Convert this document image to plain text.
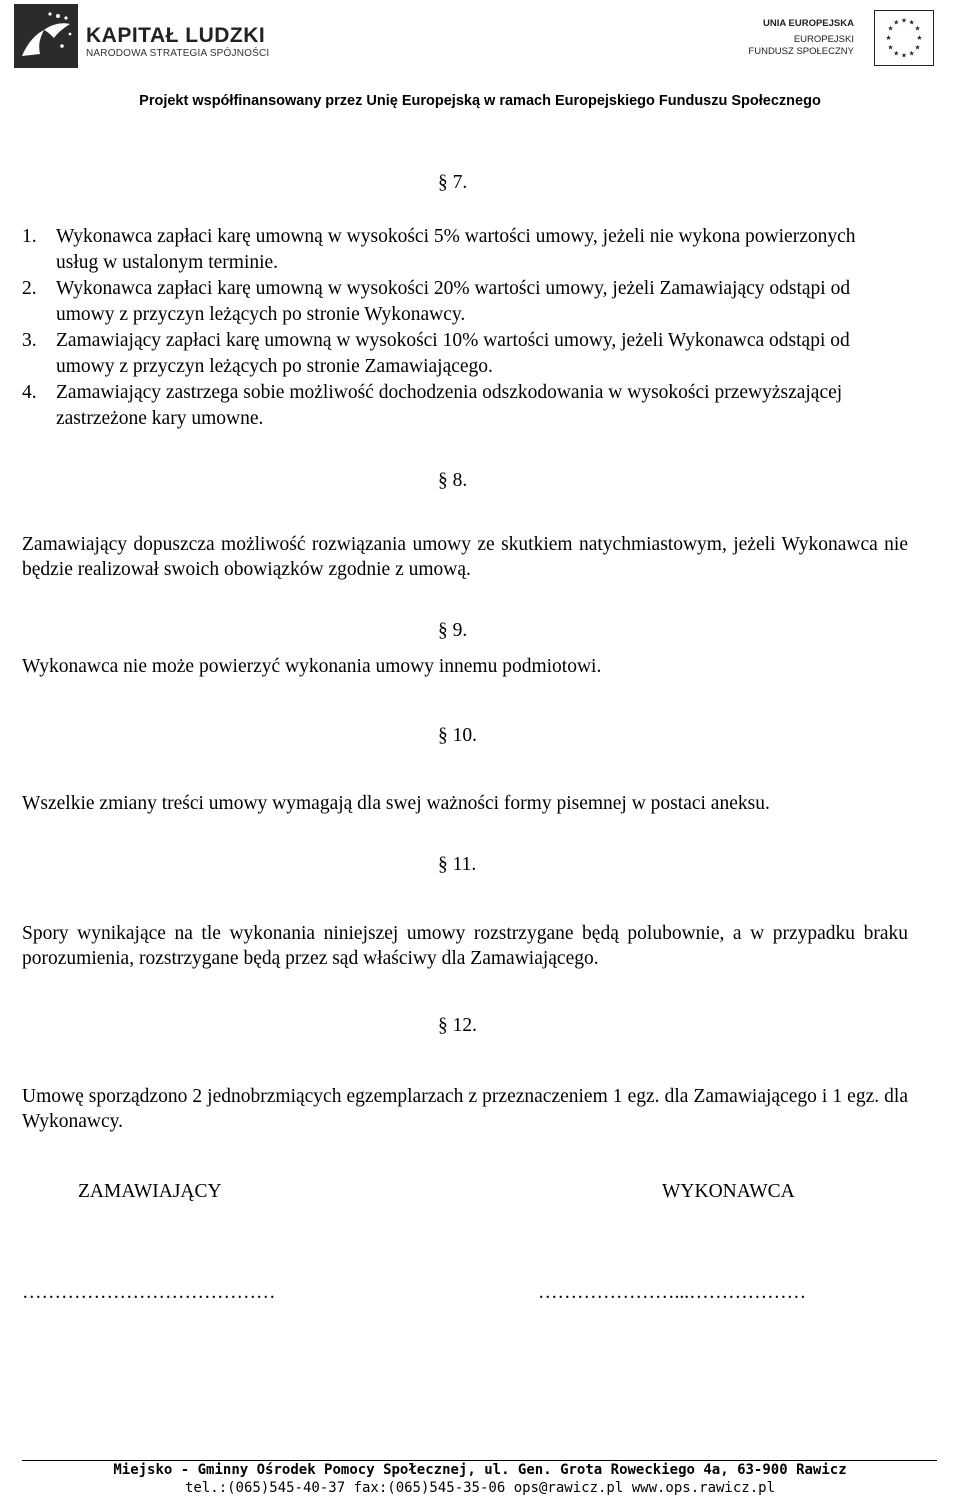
KAPITAŁ LUDZKI
NARODOWA STRATEGIA SPÓJNOŚCI
UNIA EUROPEJSKA
EUROPEJSKI
FUNDUSZ SPOŁECZNY
★ ★
★
★
★
★
★
★
★
★
★
★
Projekt współfinansowany przez Unię Europejską w ramach Europejskiego Funduszu Społecznego
§ 7.
1. Wykonawca zapłaci karę umowną w wysokości 5% wartości umowy, jeżeli nie wykona powierzonych usług w ustalonym terminie.
2. Wykonawca zapłaci karę umowną w wysokości 20% wartości umowy, jeżeli Zamawiający odstąpi od umowy z przyczyn leżących po stronie Wykonawcy.
3. Zamawiający zapłaci karę umowną w wysokości 10% wartości umowy, jeżeli Wykonawca odstąpi od umowy z przyczyn leżących po stronie Zamawiającego.
4. Zamawiający zastrzega sobie możliwość dochodzenia odszkodowania w wysokości przewyższającej zastrzeżone kary umowne.
§ 8.
Zamawiający dopuszcza możliwość rozwiązania umowy ze skutkiem natychmiastowym, jeżeli Wykonawca nie będzie realizował swoich obowiązków zgodnie z umową.
§ 9.
Wykonawca nie może powierzyć wykonania umowy innemu podmiotowi.
§ 10.
Wszelkie zmiany treści umowy wymagają dla swej ważności formy pisemnej w postaci aneksu.
§ 11.
Spory wynikające na tle wykonania niniejszej umowy rozstrzygane będą polubownie, a w przypadku braku porozumienia, rozstrzygane będą przez sąd właściwy dla Zamawiającego.
§ 12.
Umowę sporządzono 2 jednobrzmiących egzemplarzach z przeznaczeniem 1 egz. dla Zamawiającego i 1 egz. dla Wykonawcy.
ZAMAWIAJĄCY	WYKONAWCA
…………………………………	…………………...………………
Miejsko - Gminny Ośrodek Pomocy Społecznej, ul. Gen. Grota Roweckiego 4a, 63-900 Rawicz
tel.:(065)545-40-37 fax:(065)545-35-06 ops@rawicz.pl www.ops.rawicz.pl
